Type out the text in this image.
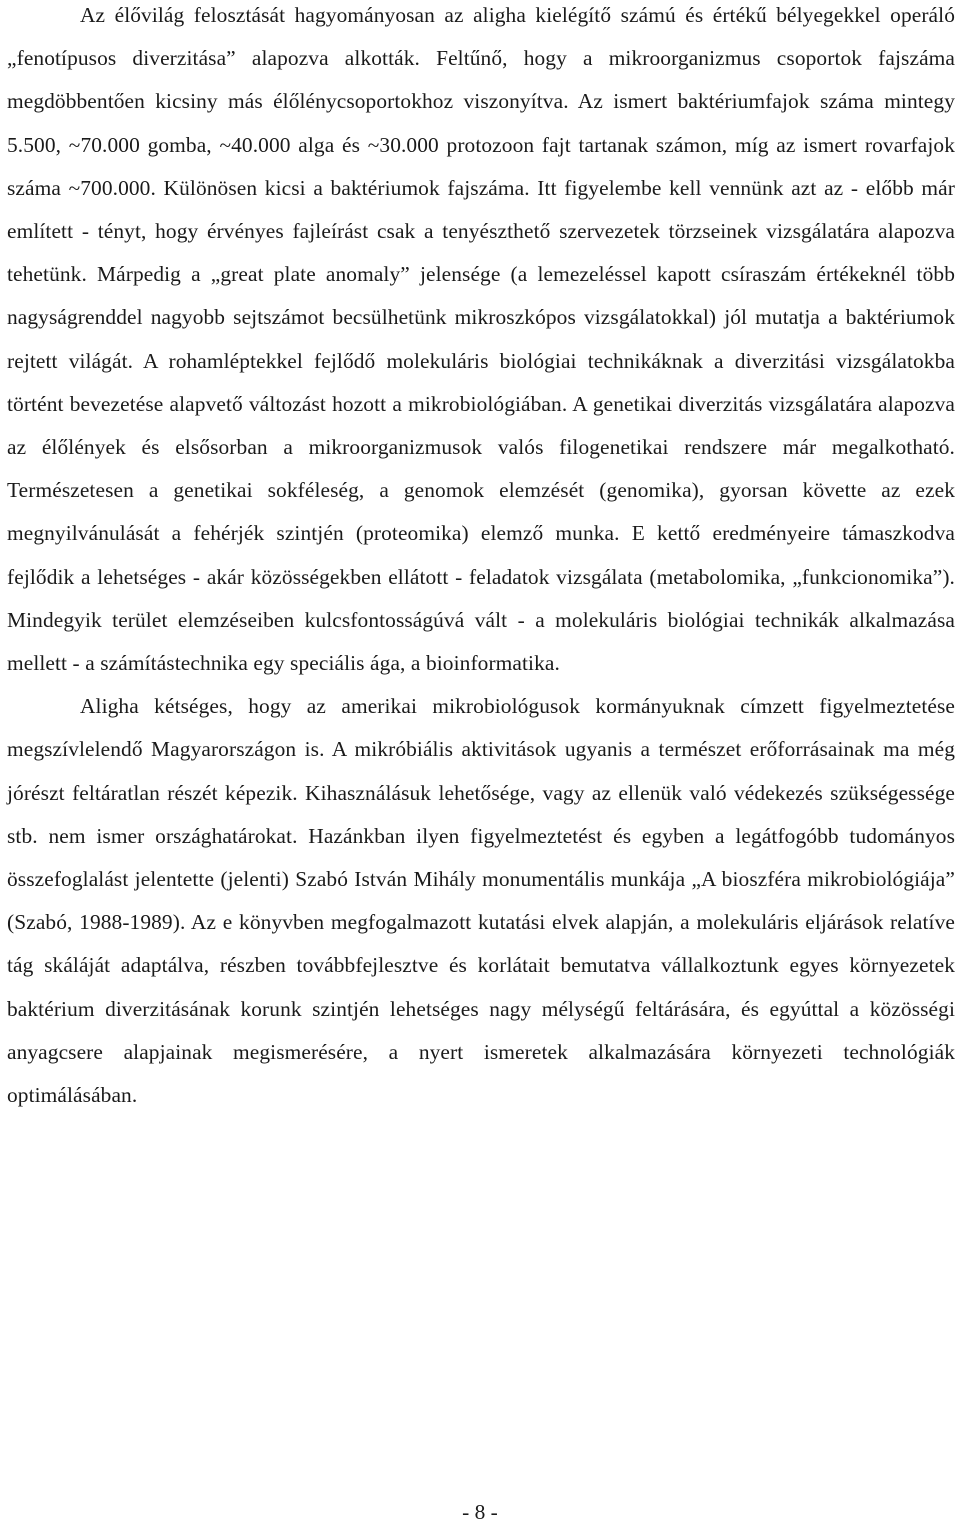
Az élővilág felosztását hagyományosan az aligha kielégítő számú és értékű bélyegekkel operáló „fenotípusos diverzitása” alapozva alkották. Feltűnő, hogy a mikroorganizmus csoportok fajszáma megdöbbentően kicsiny más élőlénycsoportokhoz viszonyítva. Az ismert baktériumfajok száma mintegy 5.500, ~70.000 gomba, ~40.000 alga és ~30.000 protozoon fajt tartanak számon, míg az ismert rovarfajok száma ~700.000. Különösen kicsi a baktériumok fajszáma. Itt figyelembe kell vennünk azt az - előbb már említett - tényt, hogy érvényes fajleírást csak a tenyészthető szervezetek törzseinek vizsgálatára alapozva tehetünk. Márpedig a „great plate anomaly” jelensége (a lemezeléssel kapott csíraszám értékeknél több nagyságrenddel nagyobb sejtszámot becsülhetünk mikroszkópos vizsgálatokkal) jól mutatja a baktériumok rejtett világát. A rohamléptekkel fejlődő molekuláris biológiai technikáknak a diverzitási vizsgálatokba történt bevezetése alapvető változást hozott a mikrobiológiában. A genetikai diverzitás vizsgálatára alapozva az élőlények és elsősorban a mikroorganizmusok valós filogenetikai rendszere már megalkotható. Természetesen a genetikai sokféleség, a genomok elemzését (genomika), gyorsan követte az ezek megnyilvánulását a fehérjék szintjén (proteomika) elemző munka. E kettő eredményeire támaszkodva fejlődik a lehetséges - akár közösségekben ellátott - feladatok vizsgálata (metabolomika, „funkcionomika”). Mindegyik terület elemzéseiben kulcsfontosságúvá vált - a molekuláris biológiai technikák alkalmazása mellett - a számítástechnika egy speciális ága, a bioinformatika.

Aligha kétséges, hogy az amerikai mikrobiológusok kormányuknak címzett figyelmeztetése megszívlelendő Magyarországon is. A mikróbiális aktivitások ugyanis a természet erőforrásainak ma még jórészt feltáratlan részét képezik. Kihasználásuk lehetősége, vagy az ellenük való védekezés szükségessége stb. nem ismer országhatárokat. Hazánkban ilyen figyelmeztetést és egyben a legátfogóbb tudományos összefoglalást jelentette (jelenti) Szabó István Mihály monumentális munkája „A bioszféra mikrobiológiája” (Szabó, 1988-1989). Az e könyvben megfogalmazott kutatási elvek alapján, a molekuláris eljárások relatíve tág skáláját adaptálva, részben továbbfejlesztve és korlátait bemutatva vállalkoztunk egyes környezetek baktérium diverzitásának korunk szintjén lehetséges nagy mélységű feltárására, és egyúttal a közösségi anyagcsere alapjainak megismerésére, a nyert ismeretek alkalmazására környezeti technológiák optimálásában.

- 8 -
